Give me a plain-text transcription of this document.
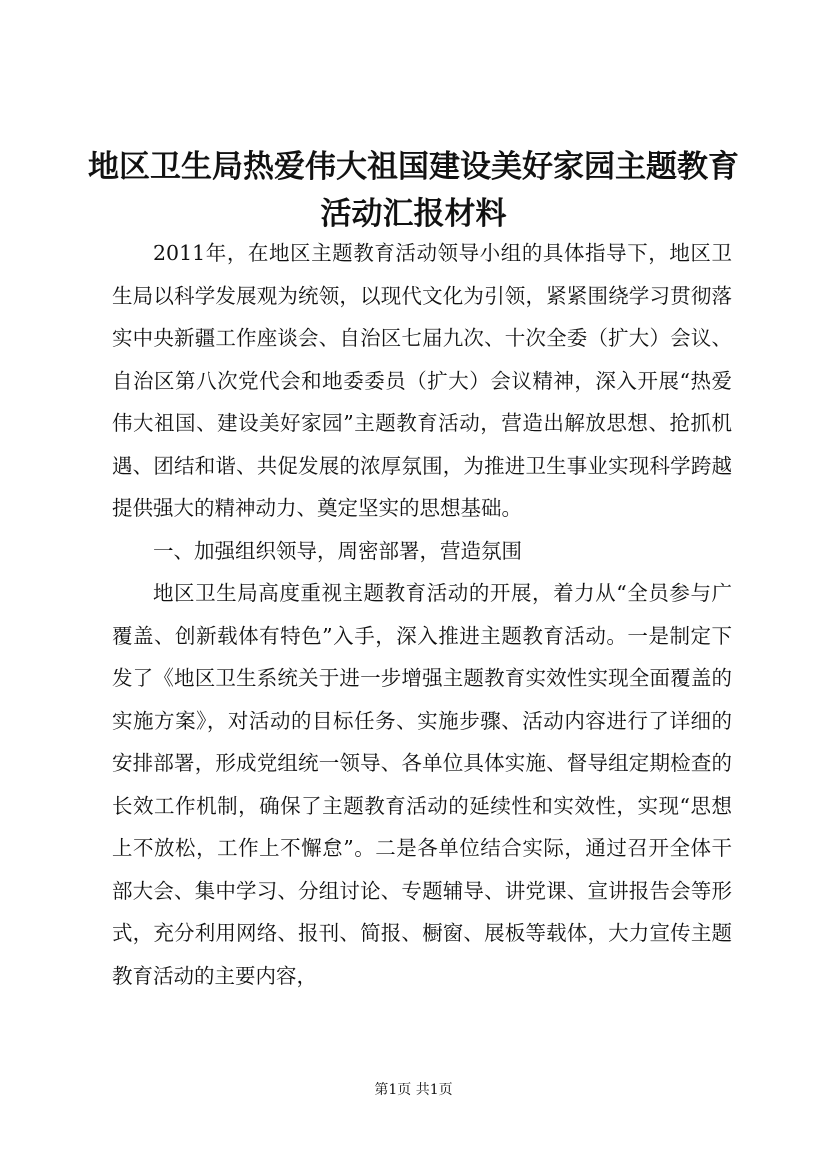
地区卫生局热爱伟大祖国建设美好家园主题教育活动汇报材料

2011年，在地区主题教育活动领导小组的具体指导下，地区卫生局以科学发展观为统领，以现代文化为引领，紧紧围绕学习贯彻落实中央新疆工作座谈会、自治区七届九次、十次全委（扩大）会议、自治区第八次党代会和地委委员（扩大）会议精神，深入开展“热爱伟大祖国、建设美好家园”主题教育活动，营造出解放思想、抢抓机遇、团结和谐、共促发展的浓厚氛围，为推进卫生事业实现科学跨越提供强大的精神动力、奠定坚实的思想基础。

一、加强组织领导，周密部署，营造氛围

地区卫生局高度重视主题教育活动的开展，着力从“全员参与广覆盖、创新载体有特色”入手，深入推进主题教育活动。一是制定下发了《地区卫生系统关于进一步增强主题教育实效性实现全面覆盖的实施方案》，对活动的目标任务、实施步骤、活动内容进行了详细的安排部署，形成党组统一领导、各单位具体实施、督导组定期检查的长效工作机制，确保了主题教育活动的延续性和实效性，实现“思想上不放松，工作上不懈怠”。二是各单位结合实际，通过召开全体干部大会、集中学习、分组讨论、专题辅导、讲党课、宣讲报告会等形式，充分利用网络、报刊、简报、橱窗、展板等载体，大力宣传主题教育活动的主要内容，

第1页 共1页
